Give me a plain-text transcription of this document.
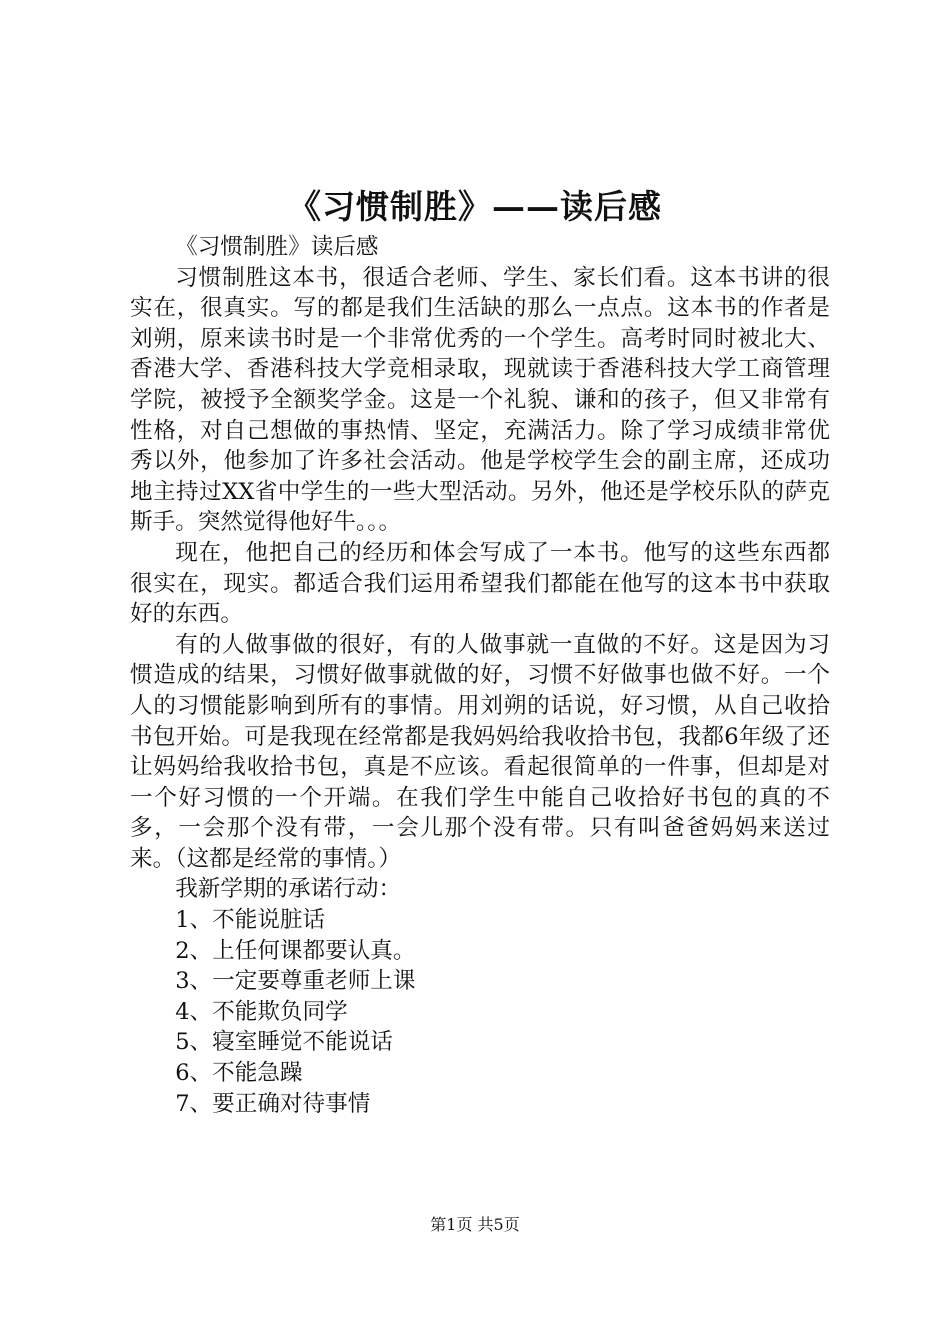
《习惯制胜》——读后感

《习惯制胜》读后感

习惯制胜这本书，很适合老师、学生、家长们看。这本书讲的很实在，很真实。写的都是我们生活缺的那么一点点。这本书的作者是刘朔，原来读书时是一个非常优秀的一个学生。高考时同时被北大、香港大学、香港科技大学竞相录取，现就读于香港科技大学工商管理学院，被授予全额奖学金。这是一个礼貌、谦和的孩子，但又非常有性格，对自己想做的事热情、坚定，充满活力。除了学习成绩非常优秀以外，他参加了许多社会活动。他是学校学生会的副主席，还成功地主持过XX省中学生的一些大型活动。另外，他还是学校乐队的萨克斯手。突然觉得他好牛。。。

现在，他把自己的经历和体会写成了一本书。他写的这些东西都很实在，现实。都适合我们运用希望我们都能在他写的这本书中获取好的东西。

有的人做事做的很好，有的人做事就一直做的不好。这是因为习惯造成的结果，习惯好做事就做的好，习惯不好做事也做不好。一个人的习惯能影响到所有的事情。用刘朔的话说，好习惯，从自己收拾书包开始。可是我现在经常都是我妈妈给我收拾书包，我都6年级了还让妈妈给我收拾书包，真是不应该。看起很简单的一件事，但却是对一个好习惯的一个开端。在我们学生中能自己收拾好书包的真的不多，一会那个没有带，一会儿那个没有带。只有叫爸爸妈妈来送过来。（这都是经常的事情。）

我新学期的承诺行动：

1、不能说脏话

2、上任何课都要认真。

3、一定要尊重老师上课

4、不能欺负同学

5、寝室睡觉不能说话

6、不能急躁

7、要正确对待事情

第1页 共5页
